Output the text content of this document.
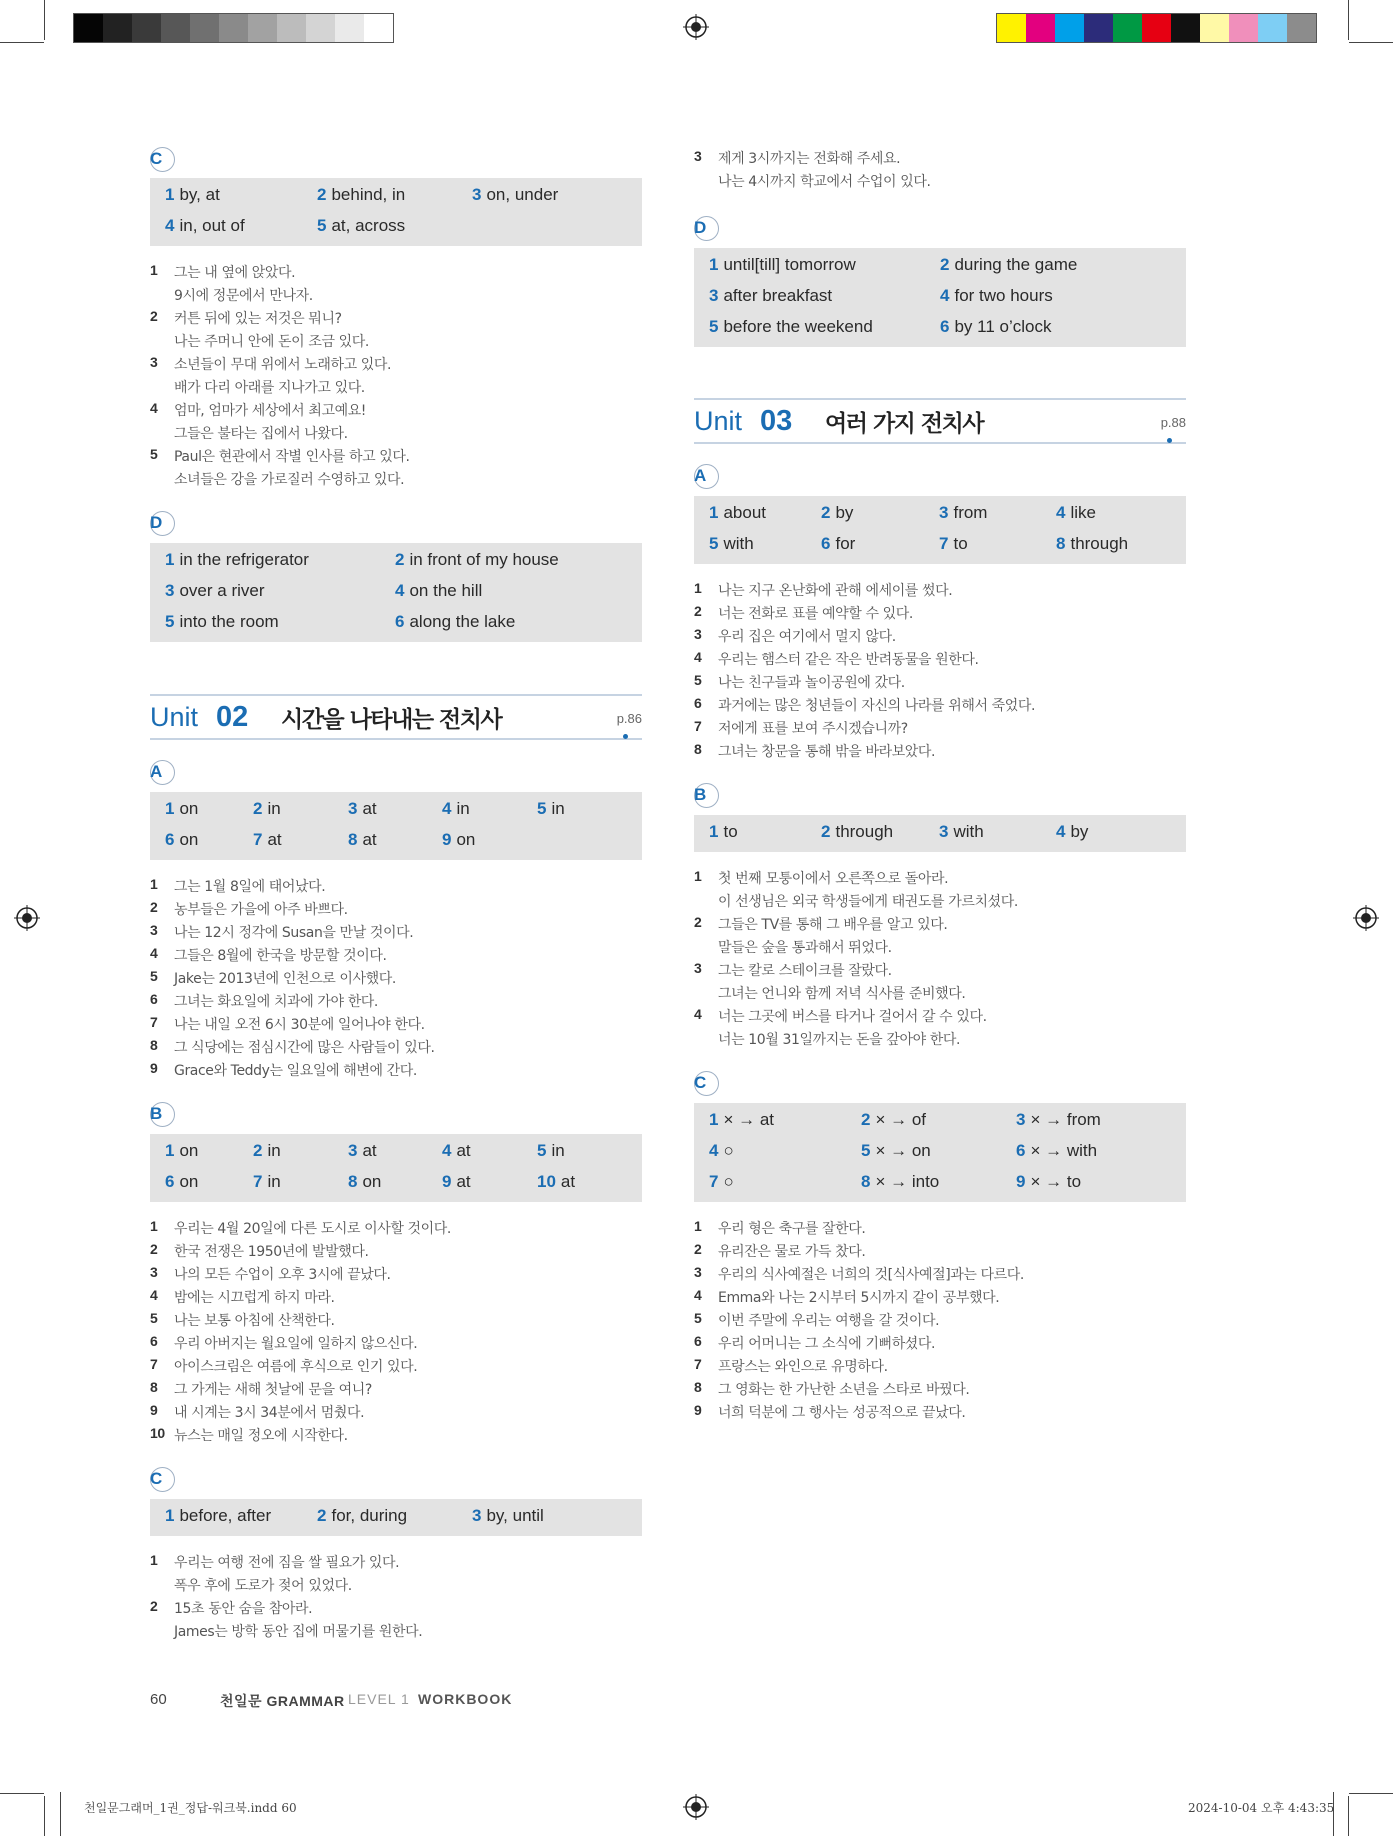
천일문그래머_1권_정답-워크북.indd 60	2024-10-04 오후 4:43:35
C
1 by, at	2 behind, in	3 on, under
4 in, out of	5 at, across
1 그는 내 옆에 앉았다.
9시에 정문에서 만나자.
2 커튼 뒤에 있는 저것은 뭐니?
나는 주머니 안에 돈이 조금 있다.
3 소년들이 무대 위에서 노래하고 있다.
배가 다리 아래를 지나가고 있다.
4 엄마, 엄마가 세상에서 최고예요!
그들은 불타는 집에서 나왔다.
5 Paul은 현관에서 작별 인사를 하고 있다.
소녀들은 강을 가로질러 수영하고 있다.
D
1 in the refrigerator	2 in front of my house
3 over a river	4 on the hill
5 into the room	6 along the lake
Unit 02 시간을 나타내는 전치사	p.86
A
1 on	2 in	3 at	4 in	5 in
6 on	7 at	8 at	9 on
1 그는 1월 8일에 태어났다.
2 농부들은 가을에 아주 바쁘다.
3 나는 12시 정각에 Susan을 만날 것이다.
4 그들은 8월에 한국을 방문할 것이다.
5 Jake는 2013년에 인천으로 이사했다.
6 그녀는 화요일에 치과에 가야 한다.
7 나는 내일 오전 6시 30분에 일어나야 한다.
8 그 식당에는 점심시간에 많은 사람들이 있다.
9 Grace와 Teddy는 일요일에 해변에 간다.
B
1 on	2 in	3 at	4 at	5 in
6 on	7 in	8 on	9 at	10 at
1 우리는 4월 20일에 다른 도시로 이사할 것이다.
2 한국 전쟁은 1950년에 발발했다.
3 나의 모든 수업이 오후 3시에 끝났다.
4 밤에는 시끄럽게 하지 마라.
5 나는 보통 아침에 산책한다.
6 우리 아버지는 월요일에 일하지 않으신다.
7 아이스크림은 여름에 후식으로 인기 있다.
8 그 가게는 새해 첫날에 문을 여니?
9 내 시계는 3시 34분에서 멈췄다.
10 뉴스는 매일 정오에 시작한다.
C
1 before, after	2 for, during	3 by, until
1 우리는 여행 전에 짐을 쌀 필요가 있다.
폭우 후에 도로가 젖어 있었다.
2 15초 동안 숨을 참아라.
James는 방학 동안 집에 머물기를 원한다.
3 제게 3시까지는 전화해 주세요.
나는 4시까지 학교에서 수업이 있다.
D
1 until[till] tomorrow	2 during the game
3 after breakfast	4 for two hours
5 before the weekend	6 by 11 o’clock
Unit 03 여러 가지 전치사	p.88
A
1 about	2 by	3 from	4 like
5 with	6 for	7 to	8 through
1 나는 지구 온난화에 관해 에세이를 썼다.
2 너는 전화로 표를 예약할 수 있다.
3 우리 집은 여기에서 멀지 않다.
4 우리는 햄스터 같은 작은 반려동물을 원한다.
5 나는 친구들과 놀이공원에 갔다.
6 과거에는 많은 청년들이 자신의 나라를 위해서 죽었다.
7 저에게 표를 보여 주시겠습니까?
8 그녀는 창문을 통해 밖을 바라보았다.
B
1 to	2 through	3 with	4 by
1 첫 번째 모퉁이에서 오른쪽으로 돌아라.
이 선생님은 외국 학생들에게 태권도를 가르치셨다.
2 그들은 TV를 통해 그 배우를 알고 있다.
말들은 숲을 통과해서 뛰었다.
3 그는 칼로 스테이크를 잘랐다.
그녀는 언니와 함께 저녁 식사를 준비했다.
4 너는 그곳에 버스를 타거나 걸어서 갈 수 있다.
너는 10월 31일까지는 돈을 갚아야 한다.
C
1 × → at	2 × → of	3 × → from
4 ○	5 × → on	6 × → with
7 ○	8 × → into	9 × → to
1 우리 형은 축구를 잘한다.
2 유리잔은 물로 가득 찼다.
3 우리의 식사예절은 너희의 것[식사예절]과는 다르다.
4 Emma와 나는 2시부터 5시까지 같이 공부했다.
5 이번 주말에 우리는 여행을 갈 것이다.
6 우리 어머니는 그 소식에 기뻐하셨다.
7 프랑스는 와인으로 유명하다.
8 그 영화는 한 가난한 소년을 스타로 바꿨다.
9 너희 덕분에 그 행사는 성공적으로 끝났다.
60	천일문 GRAMMAR LEVEL 1 WORKBOOK
